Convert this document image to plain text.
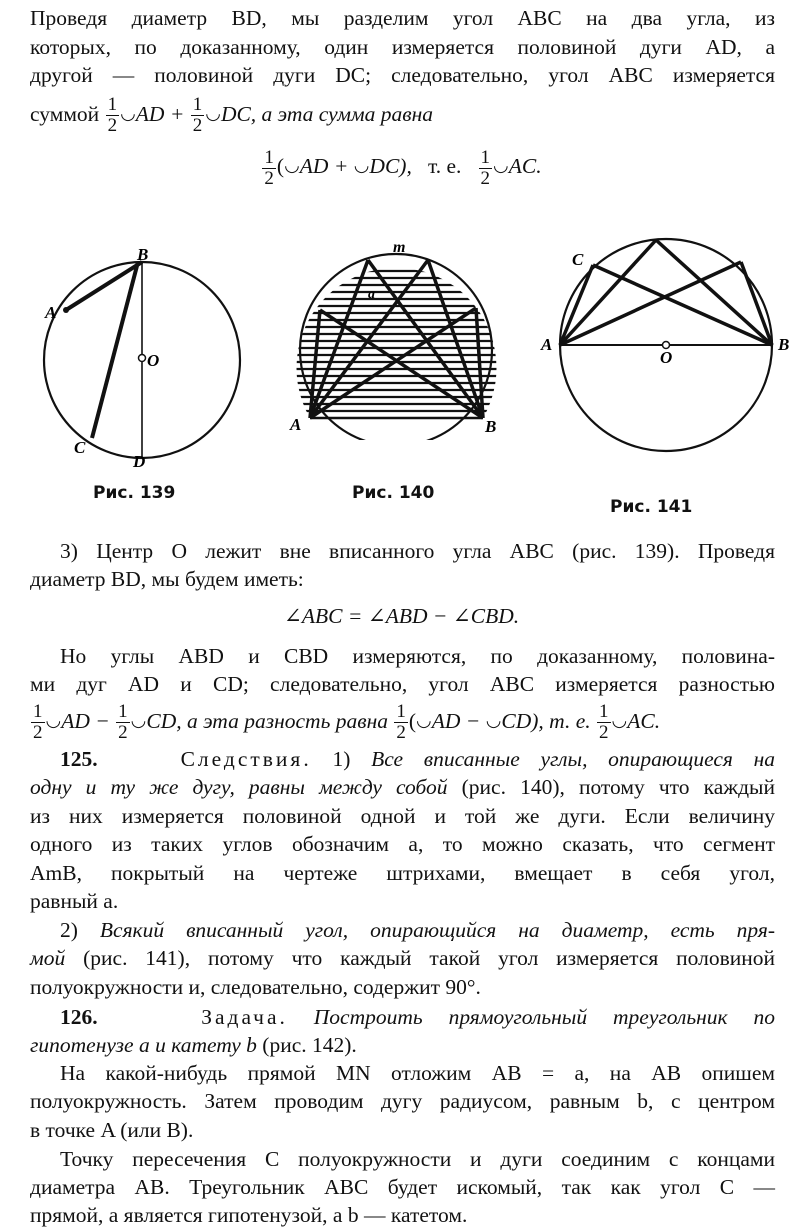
Проведя диаметр BD, мы разделим угол ABC на два угла, из
которых, по доказанному, один измеряется половиной дуги AD, а
другой — половиной дуги DC; следовательно, угол ABC измеряется
суммой $\frac{1}{2}$ ◡AD + $\frac{1}{2}$ ◡DC, а эта сумма равна
$\frac{1}{2}$ (◡AD + ◡DC), т. е. $\frac{1}{2}$ ◡AC.
B
A
O
C
D
Рис. 139
m
a
A	B
Рис. 140
C
A	B
O
Рис. 141
3) Центр O лежит вне вписанного угла ABC (рис. 139). Проведя
диаметр BD, мы будем иметь:
∠ABC = ∠ABD − ∠CBD.
Но углы ABD и CBD измеряются, по доказанному, половина-
ми дуг AD и CD; следовательно, угол ABC измеряется разностью
$\frac{1}{2}$ ◡AD − $\frac{1}{2}$ ◡CD, а эта разность равна $\frac{1}{2}$ (◡AD − ◡CD), т. е. $\frac{1}{2}$ ◡AC.
125.	Следствия. 1) Все вписанные углы, опирающиеся на
одну и ту же дугу, равны между собой (рис. 140), потому что каждый
из них измеряется половиной одной и той же дуги. Если величину
одного из таких углов обозначим a, то можно сказать, что сегмент
AmB, покрытый на чертеже штрихами, вмещает в себя угол,
равный a.
2) Всякий вписанный угол, опирающийся на диаметр, есть пря-
мой (рис. 141), потому что каждый такой угол измеряется половиной
полуокружности и, следовательно, содержит 90°.
126.	Задача. Построить прямоугольный треугольник по
гипотенузе a и катету b (рис. 142).
На какой-нибудь прямой MN отложим AB = a, на AB опишем
полуокружность. Затем проводим дугу радиусом, равным b, с центром
в точке A (или B).
Точку пересечения C полуокружности и дуги соединим с концами
диаметра AB. Треугольник ABC будет искомый, так как угол C —
прямой, a является гипотенузой, a b — катетом.
